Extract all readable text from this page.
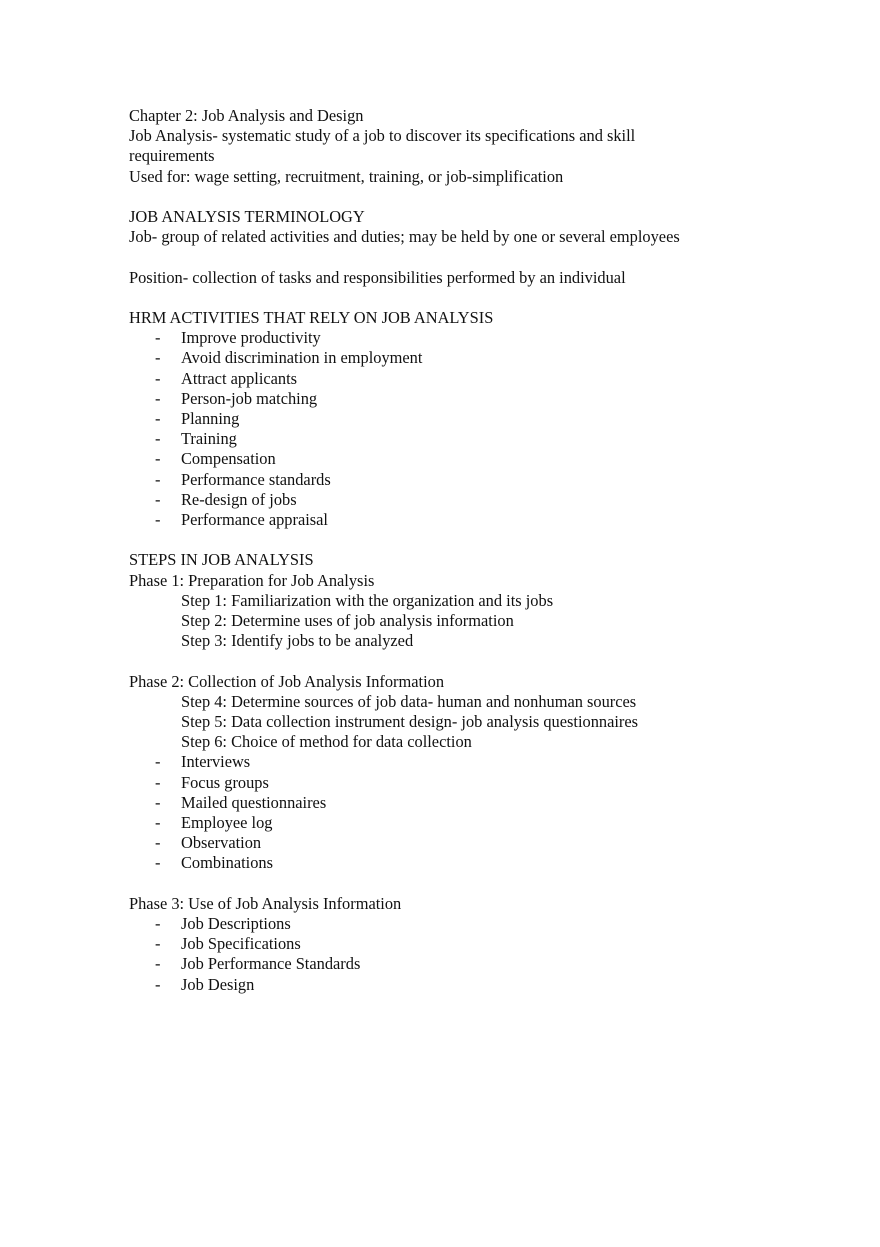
Chapter 2: Job Analysis and Design
Job Analysis- systematic study of a job to discover its specifications and skill requirements
Used for: wage setting, recruitment, training, or job-simplification
JOB ANALYSIS TERMINOLOGY
Job- group of related activities and duties; may be held by one or several employees
Position- collection of tasks and responsibilities performed by an individual
HRM ACTIVITIES THAT RELY ON JOB ANALYSIS
- Improve productivity
- Avoid discrimination in employment
- Attract applicants
- Person-job matching
- Planning
- Training
- Compensation
- Performance standards
- Re-design of jobs
- Performance appraisal
STEPS IN JOB ANALYSIS
Phase 1: Preparation for Job Analysis
Step 1: Familiarization with the organization and its jobs
Step 2: Determine uses of job analysis information
Step 3: Identify jobs to be analyzed
Phase 2: Collection of Job Analysis Information
Step 4: Determine sources of job data- human and nonhuman sources
Step 5: Data collection instrument design- job analysis questionnaires
Step 6: Choice of method for data collection
- Interviews
- Focus groups
- Mailed questionnaires
- Employee log
- Observation
- Combinations
Phase 3: Use of Job Analysis Information
- Job Descriptions
- Job Specifications
- Job Performance Standards
- Job Design
